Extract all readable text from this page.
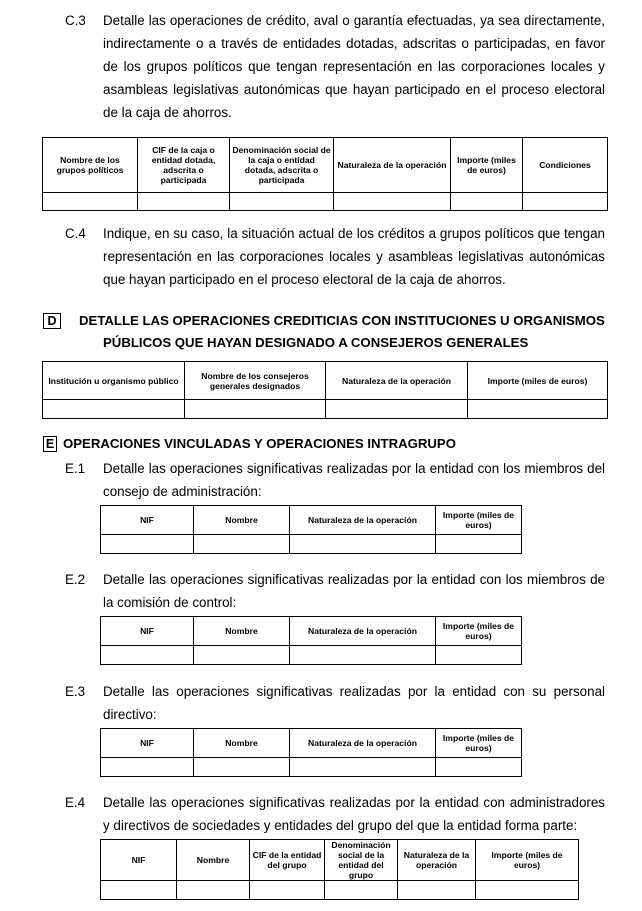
C.3 Detalle las operaciones de crédito, aval o garantía efectuadas, ya sea directamente, indirectamente o a través de entidades dotadas, adscritas o participadas, en favor de los grupos políticos que tengan representación en las corporaciones locales y asambleas legislativas autonómicas que hayan participado en el proceso electoral de la caja de ahorros.
Nombre de los grupos políticos	CIF de la caja o entidad dotada, adscrita o participada	Denominación social de la caja o entidad dotada, adscrita o participada	Naturaleza de la operación	Importe (miles de euros)	Condiciones

C.4 Indique, en su caso, la situación actual de los créditos a grupos políticos que tengan representación en las corporaciones locales y asambleas legislativas autonómicas que hayan participado en el proceso electoral de la caja de ahorros.
D	DETALLE LAS OPERACIONES CREDITICIAS CON INSTITUCIONES U ORGANISMOS
PÚBLICOS QUE HAYAN DESIGNADO A CONSEJEROS GENERALES
Institución u organismo público	Nombre de los consejeros generales designados	Naturaleza de la operación	Importe (miles de euros)

E OPERACIONES VINCULADAS Y OPERACIONES INTRAGRUPO
E.1 Detalle las operaciones significativas realizadas por la entidad con los miembros del consejo de administración:
NIF	Nombre	Naturaleza de la operación	Importe (miles de euros)

E.2 Detalle las operaciones significativas realizadas por la entidad con los miembros de la comisión de control:
NIF	Nombre	Naturaleza de la operación	Importe (miles de euros)

E.3 Detalle las operaciones significativas realizadas por la entidad con su personal directivo:
NIF	Nombre	Naturaleza de la operación	Importe (miles de euros)

E.4 Detalle las operaciones significativas realizadas por la entidad con administradores y directivos de sociedades y entidades del grupo del que la entidad forma parte:
NIF	Nombre	CIF de la entidad del grupo	Denominación social de la entidad del grupo	Naturaleza de la operación	Importe (miles de euros)
